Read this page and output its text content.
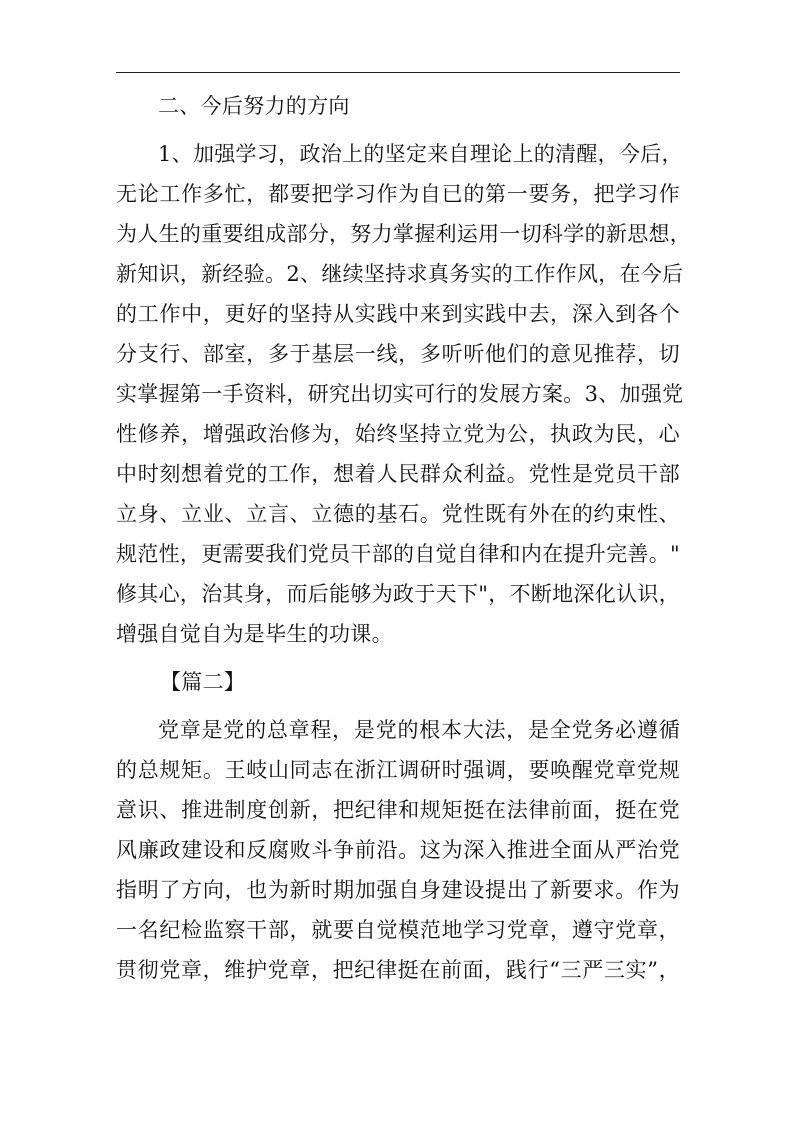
二、今后努力的方向
1、加强学习，政治上的坚定来自理论上的清醒，今后，
无论工作多忙，都要把学习作为自已的第一要务，把学习作
为人生的重要组成部分，努力掌握利运用一切科学的新思想，
新知识，新经验。2、继续坚持求真务实的工作作风，在今后
的工作中，更好的坚持从实践中来到实践中去，深入到各个
分支行、部室，多于基层一线，多听听他们的意见推荐，切
实掌握第一手资料，研究出切实可行的发展方案。3、加强党
性修养，增强政治修为，始终坚持立党为公，执政为民，心
中时刻想着党的工作，想着人民群众利益。党性是党员干部
立身、立业、立言、立德的基石。党性既有外在的约束性、
规范性，更需要我们党员干部的自觉自律和内在提升完善。"
修其心，治其身，而后能够为政于天下"，不断地深化认识，
增强自觉自为是毕生的功课。
【篇二】
党章是党的总章程，是党的根本大法，是全党务必遵循
的总规矩。王岐山同志在浙江调研时强调，要唤醒党章党规
意识、推进制度创新，把纪律和规矩挺在法律前面，挺在党
风廉政建设和反腐败斗争前沿。这为深入推进全面从严治党
指明了方向，也为新时期加强自身建设提出了新要求。作为
一名纪检监察干部，就要自觉模范地学习党章，遵守党章，
贯彻党章，维护党章，把纪律挺在前面，践行“三严三实”，
